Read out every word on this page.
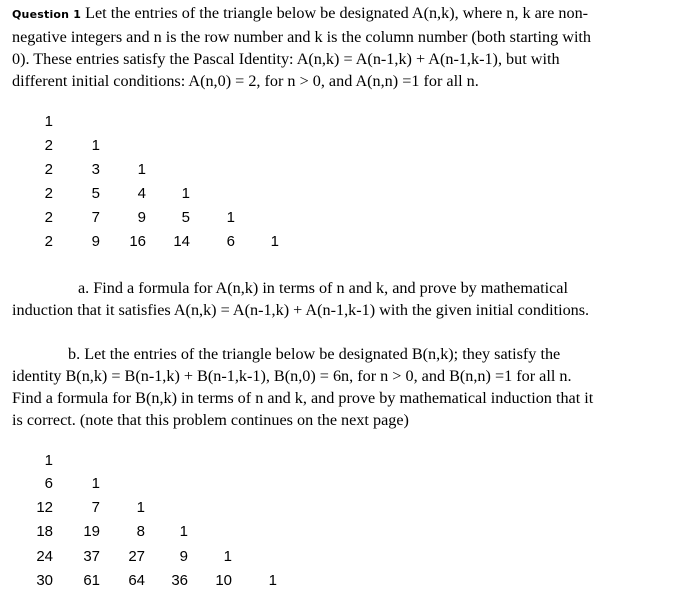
Question 1 Let the entries of the triangle below be designated A(n,k), where n, k are non-
negative integers and n is the row number and k is the column number (both starting with
0). These entries satisfy the Pascal Identity: A(n,k) = A(n-1,k) + A(n-1,k-1), but with
different initial conditions: A(n,0) = 2, for n > 0, and A(n,n) =1 for all n.
1
2	1
2	3	1
2	5	4	1
2	7	9	5	1
2	9	16	14	6	1
a. Find a formula for A(n,k) in terms of n and k, and prove by mathematical
induction that it satisfies A(n,k) = A(n-1,k) + A(n-1,k-1) with the given initial conditions.
b. Let the entries of the triangle below be designated B(n,k); they satisfy the
identity B(n,k) = B(n-1,k) + B(n-1,k-1), B(n,0) = 6n, for n > 0, and B(n,n) =1 for all n.
Find a formula for B(n,k) in terms of n and k, and prove by mathematical induction that it
is correct. (note that this problem continues on the next page)
1
6	1
12	7	1
18	19	8	1
24	37	27	9	1
30	61	64	36	10	1
